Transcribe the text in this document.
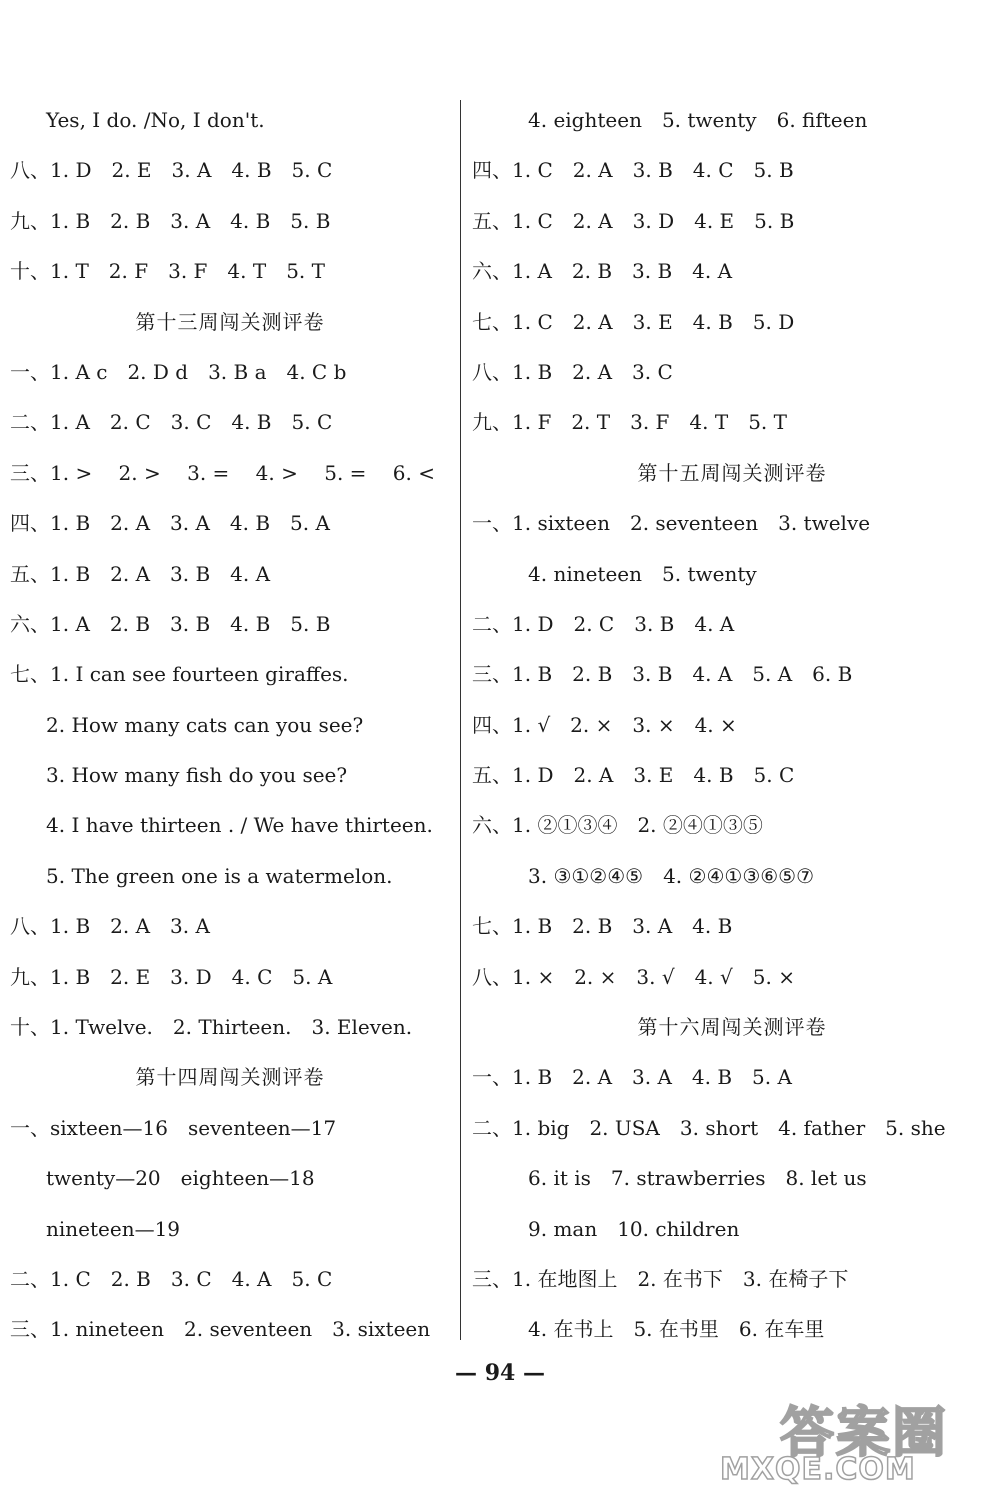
Yes, I do. /No, I don't.
八、1. D　2. E　3. A　4. B　5. C
九、1. B　2. B　3. A　4. B　5. B
十、1. T　2. F　3. F　4. T　5. T
第十三周闯关测评卷
一、1. A c　2. D d　3. B a　4. C b
二、1. A　2. C　3. C　4. B　5. C
三、1. >　 2. >　 3. =　 4. >　 5. =　 6. <
四、1. B　2. A　3. A　4. B　5. A
五、1. B　2. A　3. B　4. A
六、1. A　2. B　3. B　4. B　5. B
七、1. I can see fourteen giraffes.
2. How many cats can you see?
3. How many fish do you see?
4. I have thirteen . / We have thirteen.
5. The green one is a watermelon.
八、1. B　2. A　3. A
九、1. B　2. E　3. D　4. C　5. A
十、1. Twelve.　2. Thirteen.　3. Eleven.
第十四周闯关测评卷
一、sixteen—16　seventeen—17
twenty—20　eighteen—18
nineteen—19
二、1. C　2. B　3. C　4. A　5. C
三、1. nineteen　2. seventeen　3. sixteen
4. eighteen　5. twenty　6. fifteen
四、1. C　2. A　3. B　4. C　5. B
五、1. C　2. A　3. D　4. E　5. B
六、1. A　2. B　3. B　4. A
七、1. C　2. A　3. E　4. B　5. D
八、1. B　2. A　3. C
九、1. F　2. T　3. F　4. T　5. T
第十五周闯关测评卷
一、1. sixteen　2. seventeen　3. twelve
4. nineteen　5. twenty
二、1. D　2. C　3. B　4. A
三、1. B　2. B　3. B　4. A　5. A　6. B
四、1. √　2. ×　3. ×　4. ×
五、1. D　2. A　3. E　4. B　5. C
六、1. ②①③④　2. ②④①③⑤
3. ③①②④⑤　4. ②④①③⑥⑤⑦
七、1. B　2. B　3. A　4. B
八、1. ×　2. ×　3. √　4. √　5. ×
第十六周闯关测评卷
一、1. B　2. A　3. A　4. B　5. A
二、1. big　2. USA　3. short　4. father　5. she
6. it is　7. strawberries　8. let us
9. man　10. children
三、1. 在地图上　2. 在书下　3. 在椅子下
4. 在书上　5. 在书里　6. 在车里
— 94 —
答案圈
MXQE.COM
